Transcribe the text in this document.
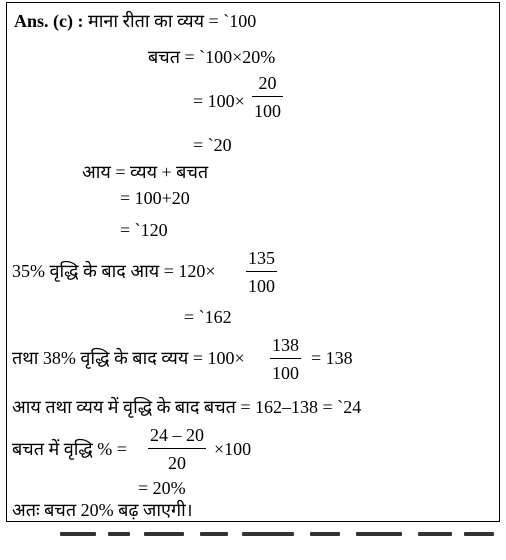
Ans. (c) : माना रीता का व्यय = `100
बचत = `100×20%
= $100\times \frac{20}{100}$
= `20
आय = व्यय + बचत
= 100+20
= `120
35% वृद्धि के बाद आय = $120\times \frac{135}{100}$
= `162
तथा 38% वृद्धि के बाद व्यय = $100\times \frac{138}{100} = 138$
आय तथा व्यय में वृद्धि के बाद बचत = 162–138 = `24
बचत में वृद्धि % = $\frac{24 - 20}{20} \times 100$
= 20%
अतः बचत 20% बढ़ जाएगी।
